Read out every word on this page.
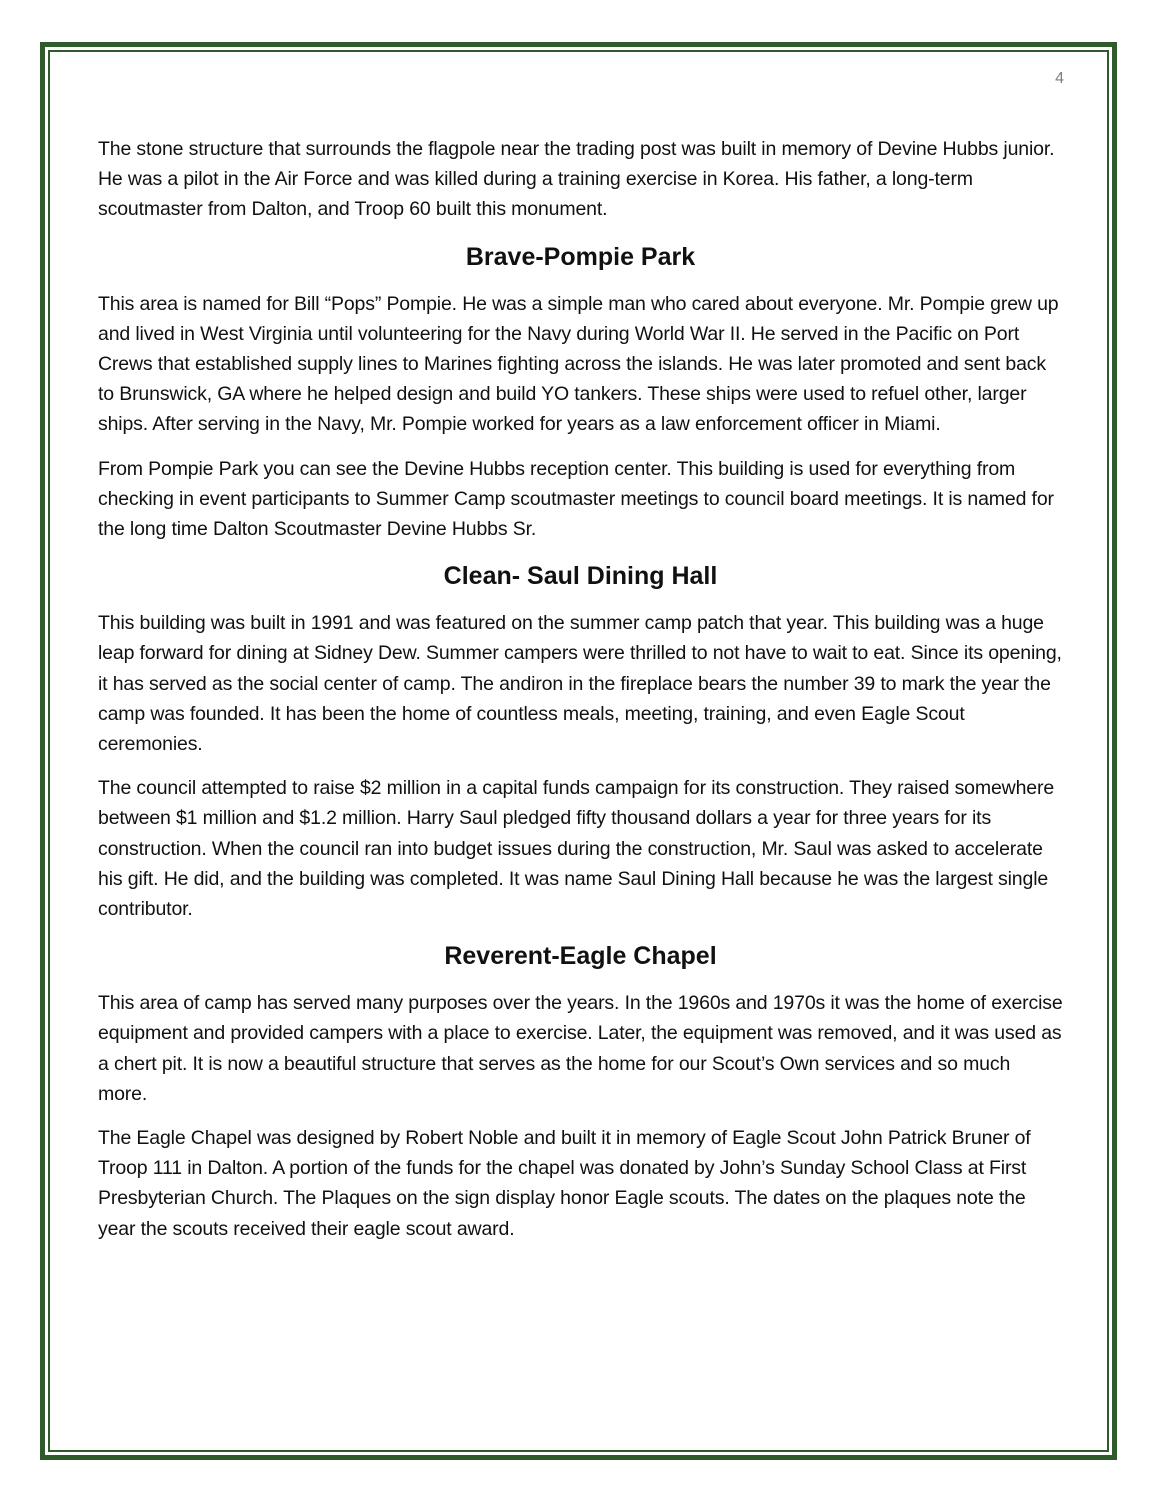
4

The stone structure that surrounds the flagpole near the trading post was built in memory of Devine Hubbs junior. He was a pilot in the Air Force and was killed during a training exercise in Korea. His father, a long-term scoutmaster from Dalton, and Troop 60 built this monument.

Brave-Pompie Park

This area is named for Bill “Pops” Pompie. He was a simple man who cared about everyone. Mr. Pompie grew up and lived in West Virginia until volunteering for the Navy during World War II. He served in the Pacific on Port Crews that established supply lines to Marines fighting across the islands. He was later promoted and sent back to Brunswick, GA where he helped design and build YO tankers. These ships were used to refuel other, larger ships. After serving in the Navy, Mr. Pompie worked for years as a law enforcement officer in Miami.

From Pompie Park you can see the Devine Hubbs reception center. This building is used for everything from checking in event participants to Summer Camp scoutmaster meetings to council board meetings. It is named for the long time Dalton Scoutmaster Devine Hubbs Sr.

Clean- Saul Dining Hall

This building was built in 1991 and was featured on the summer camp patch that year. This building was a huge leap forward for dining at Sidney Dew. Summer campers were thrilled to not have to wait to eat. Since its opening, it has served as the social center of camp. The andiron in the fireplace bears the number 39 to mark the year the camp was founded. It has been the home of countless meals, meeting, training, and even Eagle Scout ceremonies.

The council attempted to raise $2 million in a capital funds campaign for its construction. They raised somewhere between $1 million and $1.2 million. Harry Saul pledged fifty thousand dollars a year for three years for its construction. When the council ran into budget issues during the construction, Mr. Saul was asked to accelerate his gift. He did, and the building was completed. It was name Saul Dining Hall because he was the largest single contributor.

Reverent-Eagle Chapel

This area of camp has served many purposes over the years. In the 1960s and 1970s it was the home of exercise equipment and provided campers with a place to exercise. Later, the equipment was removed, and it was used as a chert pit. It is now a beautiful structure that serves as the home for our Scout’s Own services and so much more.

The Eagle Chapel was designed by Robert Noble and built it in memory of Eagle Scout John Patrick Bruner of Troop 111 in Dalton. A portion of the funds for the chapel was donated by John’s Sunday School Class at First Presbyterian Church. The Plaques on the sign display honor Eagle scouts. The dates on the plaques note the year the scouts received their eagle scout award.
